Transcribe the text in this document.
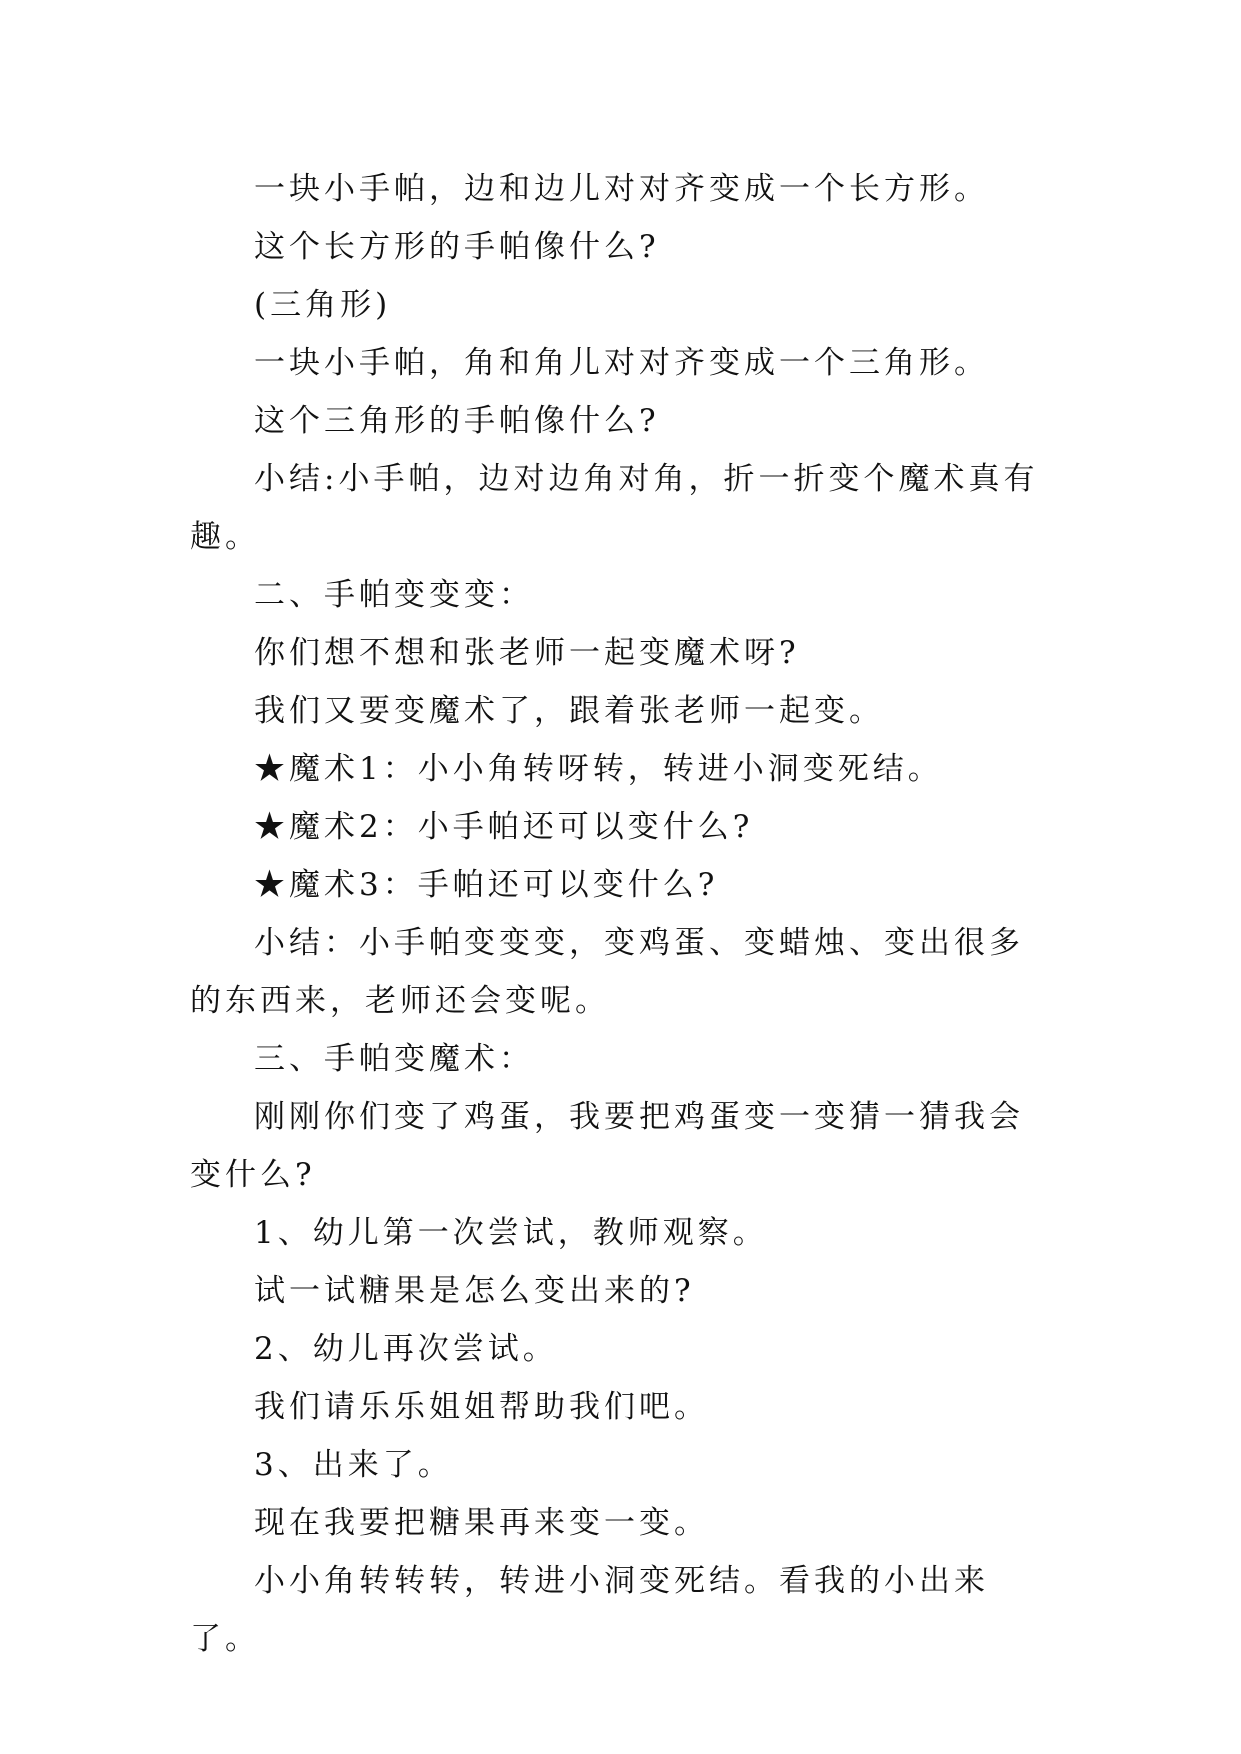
一块小手帕，边和边儿对对齐变成一个长方形。

这个长方形的手帕像什么?

(三角形)

一块小手帕，角和角儿对对齐变成一个三角形。

这个三角形的手帕像什么?

小结:小手帕，边对边角对角，折一折变个魔术真有趣。

二、手帕变变变：

你们想不想和张老师一起变魔术呀?

我们又要变魔术了，跟着张老师一起变。

★魔术1：小小角转呀转，转进小洞变死结。

★魔术2：小手帕还可以变什么?

★魔术3：手帕还可以变什么?

小结：小手帕变变变，变鸡蛋、变蜡烛、变出很多的东西来，老师还会变呢。

三、手帕变魔术：

刚刚你们变了鸡蛋，我要把鸡蛋变一变猜一猜我会变什么?

1、幼儿第一次尝试，教师观察。

试一试糖果是怎么变出来的?

2、幼儿再次尝试。

我们请乐乐姐姐帮助我们吧。

3、出来了。

现在我要把糖果再来变一变。

小小角转转转，转进小洞变死结。看我的小出来了。
